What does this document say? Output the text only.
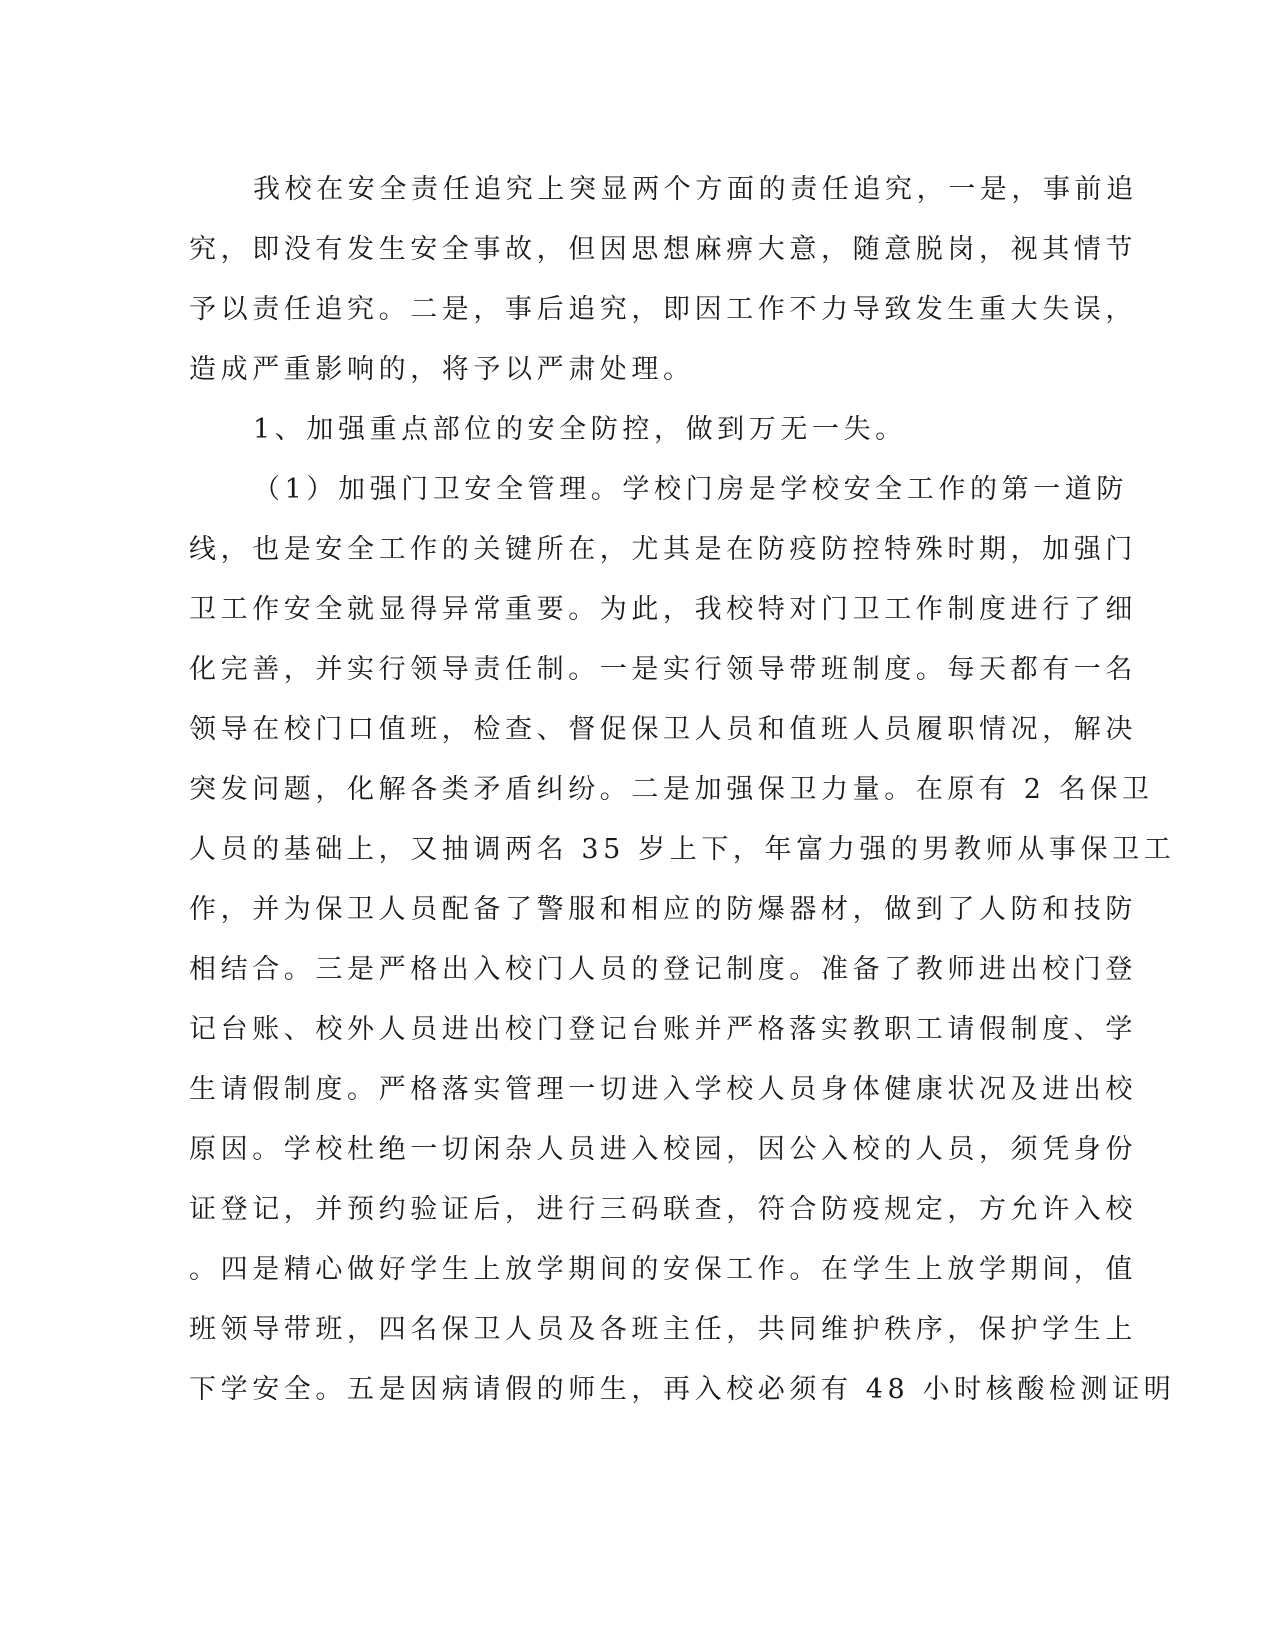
我校在安全责任追究上突显两个方面的责任追究，一是，事前追
究，即没有发生安全事故，但因思想麻痹大意，随意脱岗，视其情节
予以责任追究。二是，事后追究，即因工作不力导致发生重大失误，
造成严重影响的，将予以严肃处理。
1、加强重点部位的安全防控，做到万无一失。
（1）加强门卫安全管理。学校门房是学校安全工作的第一道防
线，也是安全工作的关键所在，尤其是在防疫防控特殊时期，加强门
卫工作安全就显得异常重要。为此，我校特对门卫工作制度进行了细
化完善，并实行领导责任制。一是实行领导带班制度。每天都有一名
领导在校门口值班，检查、督促保卫人员和值班人员履职情况，解决
突发问题，化解各类矛盾纠纷。二是加强保卫力量。在原有 2 名保卫
人员的基础上，又抽调两名 35 岁上下，年富力强的男教师从事保卫工
作，并为保卫人员配备了警服和相应的防爆器材，做到了人防和技防
相结合。三是严格出入校门人员的登记制度。准备了教师进出校门登
记台账、校外人员进出校门登记台账并严格落实教职工请假制度、学
生请假制度。严格落实管理一切进入学校人员身体健康状况及进出校
原因。学校杜绝一切闲杂人员进入校园，因公入校的人员，须凭身份
证登记，并预约验证后，进行三码联查，符合防疫规定，方允许入校
。四是精心做好学生上放学期间的安保工作。在学生上放学期间，值
班领导带班，四名保卫人员及各班主任，共同维护秩序，保护学生上
下学安全。五是因病请假的师生，再入校必须有 48 小时核酸检测证明
